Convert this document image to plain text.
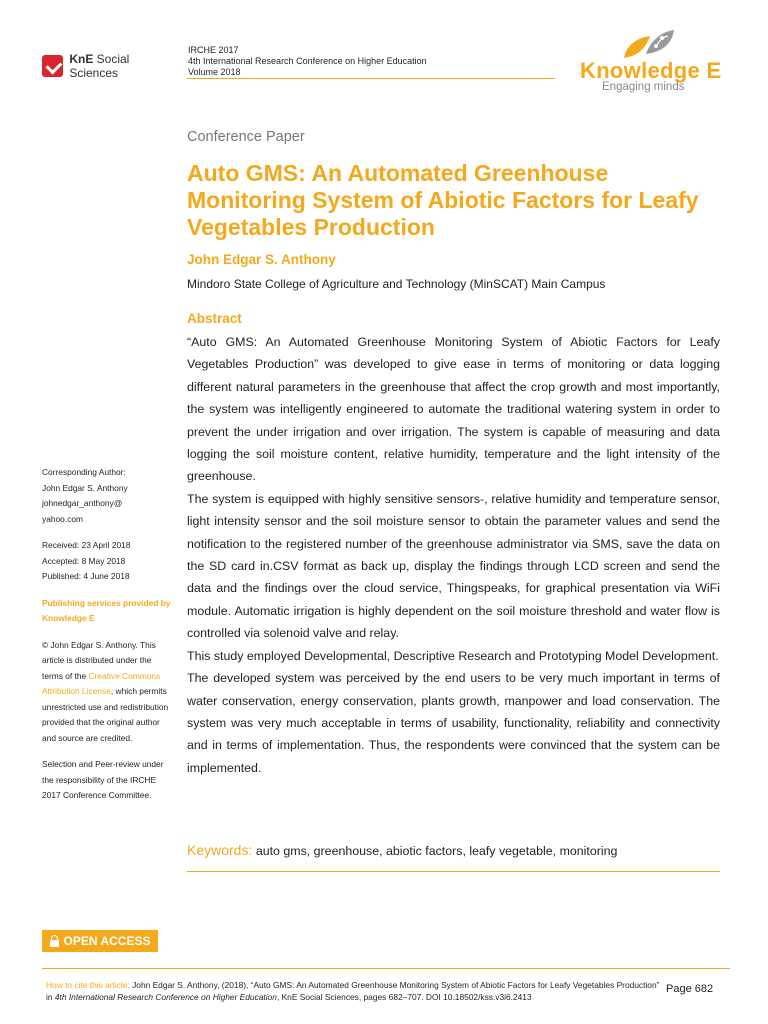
KnE Social Sciences
IRCHE 2017
4th International Research Conference on Higher Education
Volume 2018	Knowledge E
Engaging minds
Conference Paper
Auto GMS: An Automated Greenhouse Monitoring System of Abiotic Factors for Leafy Vegetables Production
John Edgar S. Anthony
Mindoro State College of Agriculture and Technology (MinSCAT) Main Campus
Abstract

“Auto GMS: An Automated Greenhouse Monitoring System of Abiotic Factors for Leafy Vegetables Production” was developed to give ease in terms of monitoring or data logging different natural parameters in the greenhouse that affect the crop growth and most importantly, the system was intelligently engineered to automate the traditional watering system in order to prevent the under irrigation and over irrigation. The system is capable of measuring and data logging the soil moisture content, relative humidity, temperature and the light intensity of the greenhouse.

The system is equipped with highly sensitive sensors-, relative humidity and temperature sensor, light intensity sensor and the soil moisture sensor to obtain the parameter values and send the notification to the registered number of the greenhouse administrator via SMS, save the data on the SD card in.CSV format as back up, display the findings through LCD screen and send the data and the findings over the cloud service, Thingspeaks, for graphical presentation via WiFi module. Automatic irrigation is highly dependent on the soil moisture threshold and water flow is controlled via solenoid valve and relay.

This study employed Developmental, Descriptive Research and Prototyping Model Development.

The developed system was perceived by the end users to be very much important in terms of water conservation, energy conservation, plants growth, manpower and load conservation. The system was very much acceptable in terms of usability, functionality, reliability and connectivity and in terms of implementation. Thus, the respondents were convinced that the system can be implemented.

Keywords: auto gms, greenhouse, abiotic factors, leafy vegetable, monitoring
Corresponding Author:
John Edgar S. Anthony
johnedgar_anthony@
yahoo.com
Received: 23 April 2018
Accepted: 8 May 2018
Published: 4 June 2018
Publishing services provided by Knowledge E
© John Edgar S. Anthony. This article is distributed under the terms of the Creative Commons Attribution License, which permits unrestricted use and redistribution provided that the original author and source are credited.
Selection and Peer-review under the responsibility of the IRCHE 2017 Conference Committee.
OPEN ACCESS
How to cite this article: John Edgar S. Anthony, (2018), “Auto GMS: An Automated Greenhouse Monitoring System of Abiotic Factors for Leafy Vegetables Production” in 4th International Research Conference on Higher Education, KnE Social Sciences, pages 682–707. DOI 10.18502/kss.v3i6.2413
Page 682
